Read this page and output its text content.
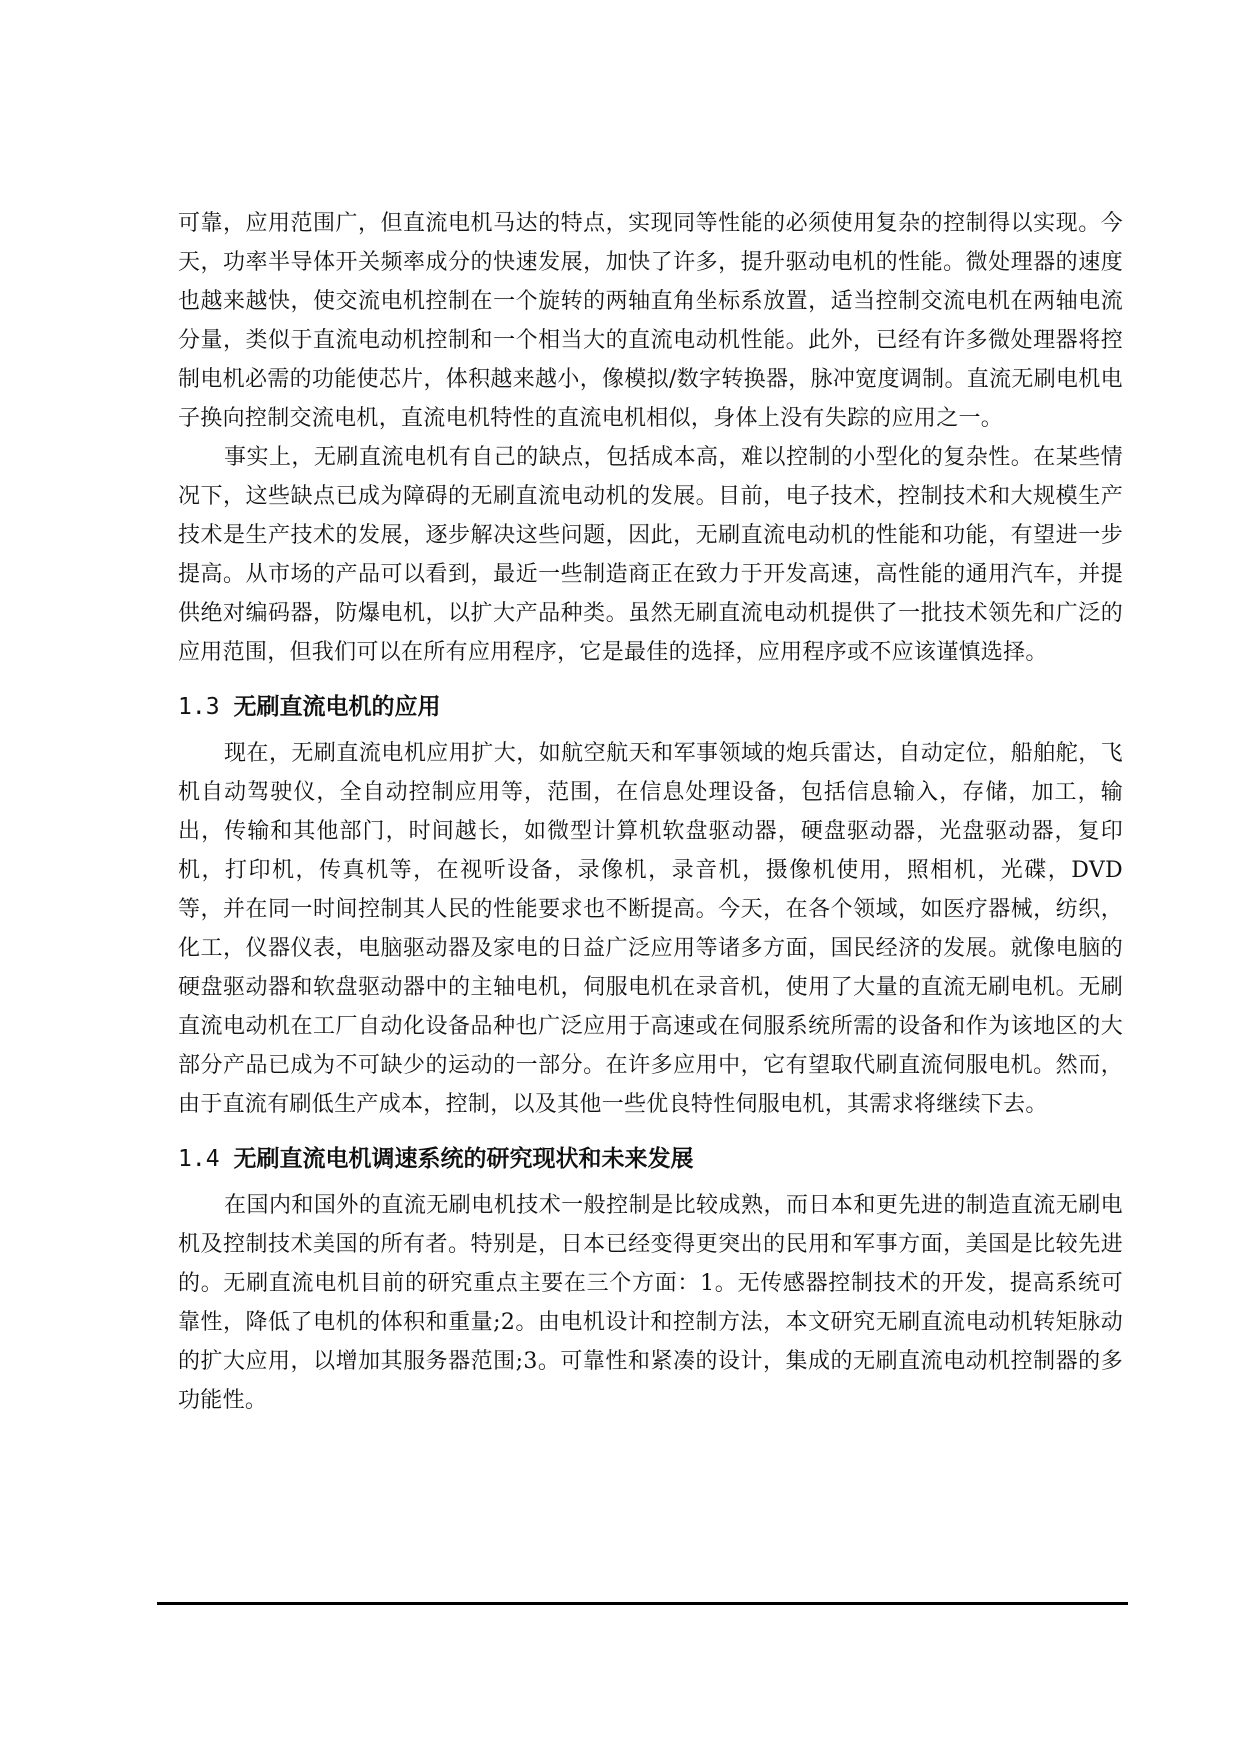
可靠，应用范围广，但直流电机马达的特点，实现同等性能的必须使用复杂的控制得以实现。今天，功率半导体开关频率成分的快速发展，加快了许多，提升驱动电机的性能。微处理器的速度也越来越快，使交流电机控制在一个旋转的两轴直角坐标系放置，适当控制交流电机在两轴电流分量，类似于直流电动机控制和一个相当大的直流电动机性能。此外，已经有许多微处理器将控制电机必需的功能使芯片，体积越来越小，像模拟/数字转换器，脉冲宽度调制。直流无刷电机电子换向控制交流电机，直流电机特性的直流电机相似，身体上没有失踪的应用之一。

事实上，无刷直流电机有自己的缺点，包括成本高，难以控制的小型化的复杂性。在某些情况下，这些缺点已成为障碍的无刷直流电动机的发展。目前，电子技术，控制技术和大规模生产技术是生产技术的发展，逐步解决这些问题，因此，无刷直流电动机的性能和功能，有望进一步提高。从市场的产品可以看到，最近一些制造商正在致力于开发高速，高性能的通用汽车，并提供绝对编码器，防爆电机，以扩大产品种类。虽然无刷直流电动机提供了一批技术领先和广泛的应用范围，但我们可以在所有应用程序，它是最佳的选择，应用程序或不应该谨慎选择。

1.3 无刷直流电机的应用

现在，无刷直流电机应用扩大，如航空航天和军事领域的炮兵雷达，自动定位，船舶舵，飞机自动驾驶仪，全自动控制应用等，范围，在信息处理设备，包括信息输入，存储，加工，输出，传输和其他部门，时间越长，如微型计算机软盘驱动器，硬盘驱动器，光盘驱动器，复印机，打印机，传真机等，在视听设备，录像机，录音机，摄像机使用，照相机，光碟，DVD 等，并在同一时间控制其人民的性能要求也不断提高。今天，在各个领域，如医疗器械，纺织，化工，仪器仪表，电脑驱动器及家电的日益广泛应用等诸多方面，国民经济的发展。就像电脑的硬盘驱动器和软盘驱动器中的主轴电机，伺服电机在录音机，使用了大量的直流无刷电机。无刷直流电动机在工厂自动化设备品种也广泛应用于高速或在伺服系统所需的设备和作为该地区的大部分产品已成为不可缺少的运动的一部分。在许多应用中，它有望取代刷直流伺服电机。然而，由于直流有刷低生产成本，控制，以及其他一些优良特性伺服电机，其需求将继续下去。

1.4 无刷直流电机调速系统的研究现状和未来发展

在国内和国外的直流无刷电机技术一般控制是比较成熟，而日本和更先进的制造直流无刷电机及控制技术美国的所有者。特别是，日本已经变得更突出的民用和军事方面，美国是比较先进的。无刷直流电机目前的研究重点主要在三个方面：1。无传感器控制技术的开发，提高系统可靠性，降低了电机的体积和重量;2。由电机设计和控制方法，本文研究无刷直流电动机转矩脉动的扩大应用，以增加其服务器范围;3。可靠性和紧凑的设计，集成的无刷直流电动机控制器的多功能性。
